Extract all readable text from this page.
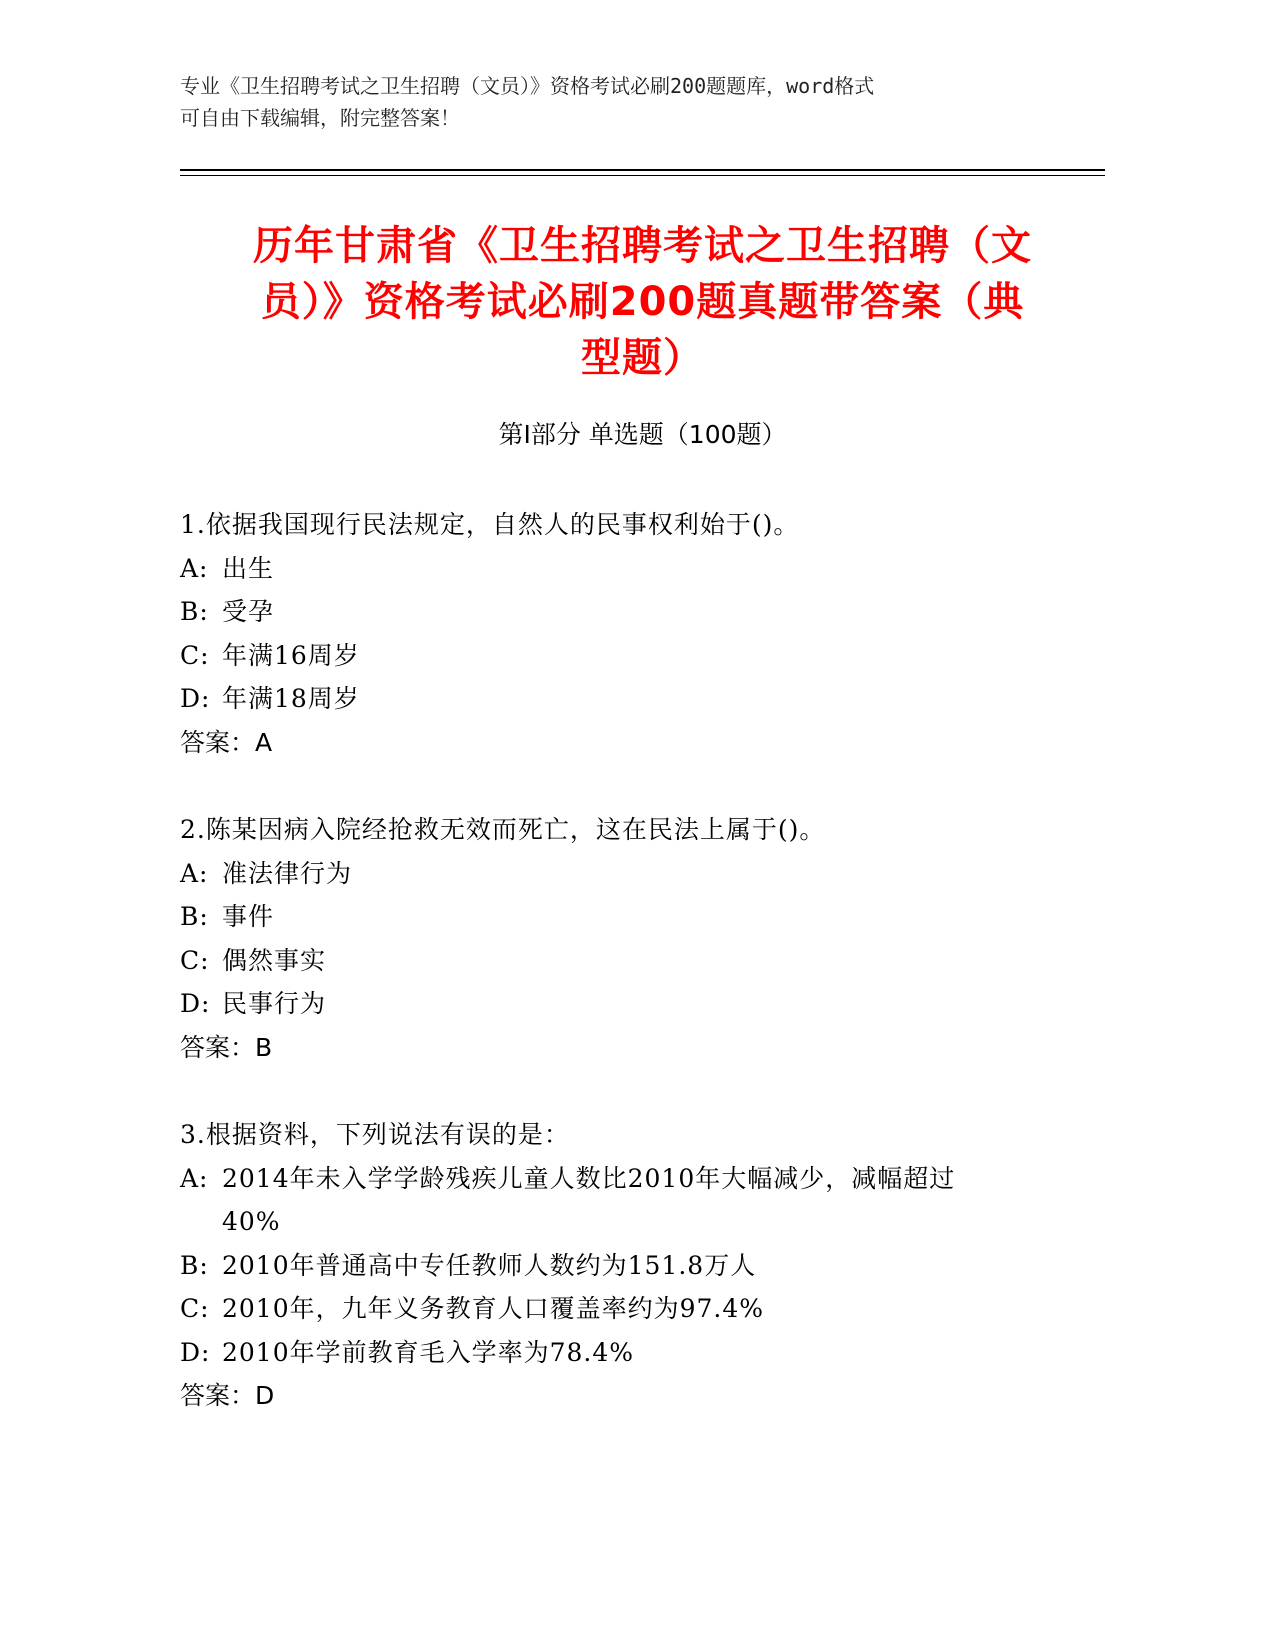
专业《卫生招聘考试之卫生招聘（文员）》资格考试必刷200题题库，word格式
可自由下载编辑，附完整答案！
历年甘肃省《卫生招聘考试之卫生招聘（文
员）》资格考试必刷200题真题带答案（典
型题）
第Ⅰ部分 单选题（100题）
1.依据我国现行民法规定，自然人的民事权利始于()。
A: 出生
B: 受孕
C: 年满16周岁
D: 年满18周岁
答案：A
2.陈某因病入院经抢救无效而死亡，这在民法上属于()。
A: 准法律行为
B: 事件
C: 偶然事实
D: 民事行为
答案：B
3.根据资料，下列说法有误的是：
A: 2014年未入学学龄残疾儿童人数比2010年大幅减少，减幅超过40%
B: 2010年普通高中专任教师人数约为151.8万人
C: 2010年，九年义务教育人口覆盖率约为97.4%
D: 2010年学前教育毛入学率为78.4%
答案：D
